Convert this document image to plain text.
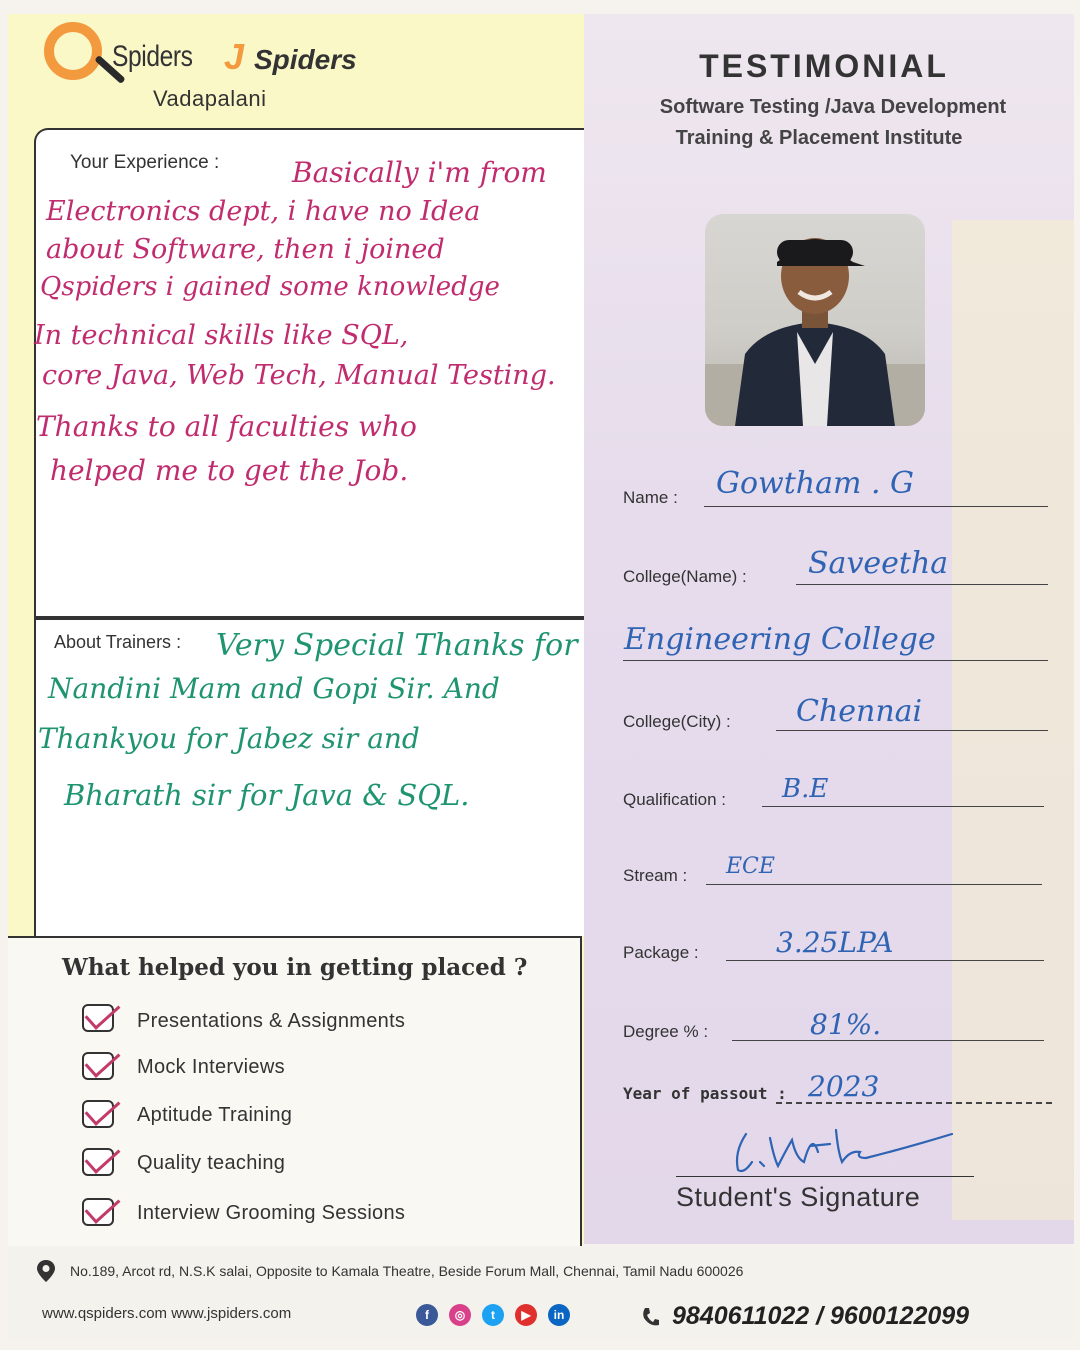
Spiders J Spiders
Vadapalani
TESTIMONIAL
Software Testing /Java Development
Training & Placement Institute
Your Experience :	Basically i'm from
Electronics dept, i have no Idea
about Software, then i joined
Qspiders i gained some knowledge
In technical skills like SQL,
core Java, Web Tech, Manual Testing.
Thanks to all faculties who
helped me to get the Job.
About Trainers : Very Special Thanks for
Nandini Mam and Gopi Sir. And
Thankyou for Jabez sir and
Bharath sir for Java & SQL.
What helped you in getting placed ?
Presentations & Assignments
Mock Interviews
Aptitude Training
Quality teaching
Interview Grooming Sessions
Name : Gowtham . G
College(Name) : Saveetha
Engineering College
College(City) : Chennai
Qualification : B.E
Stream : ECE
Package :	3.25LPA
Degree % :	81%.
Year of passout : 2023
Student's Signature
No.189, Arcot rd, N.S.K salai, Opposite to Kamala Theatre, Beside Forum Mall, Chennai, Tamil Nadu 600026
www.qspiders.com www.jspiders.com	f	◎	t	▶	in	9840611022 / 9600122099
